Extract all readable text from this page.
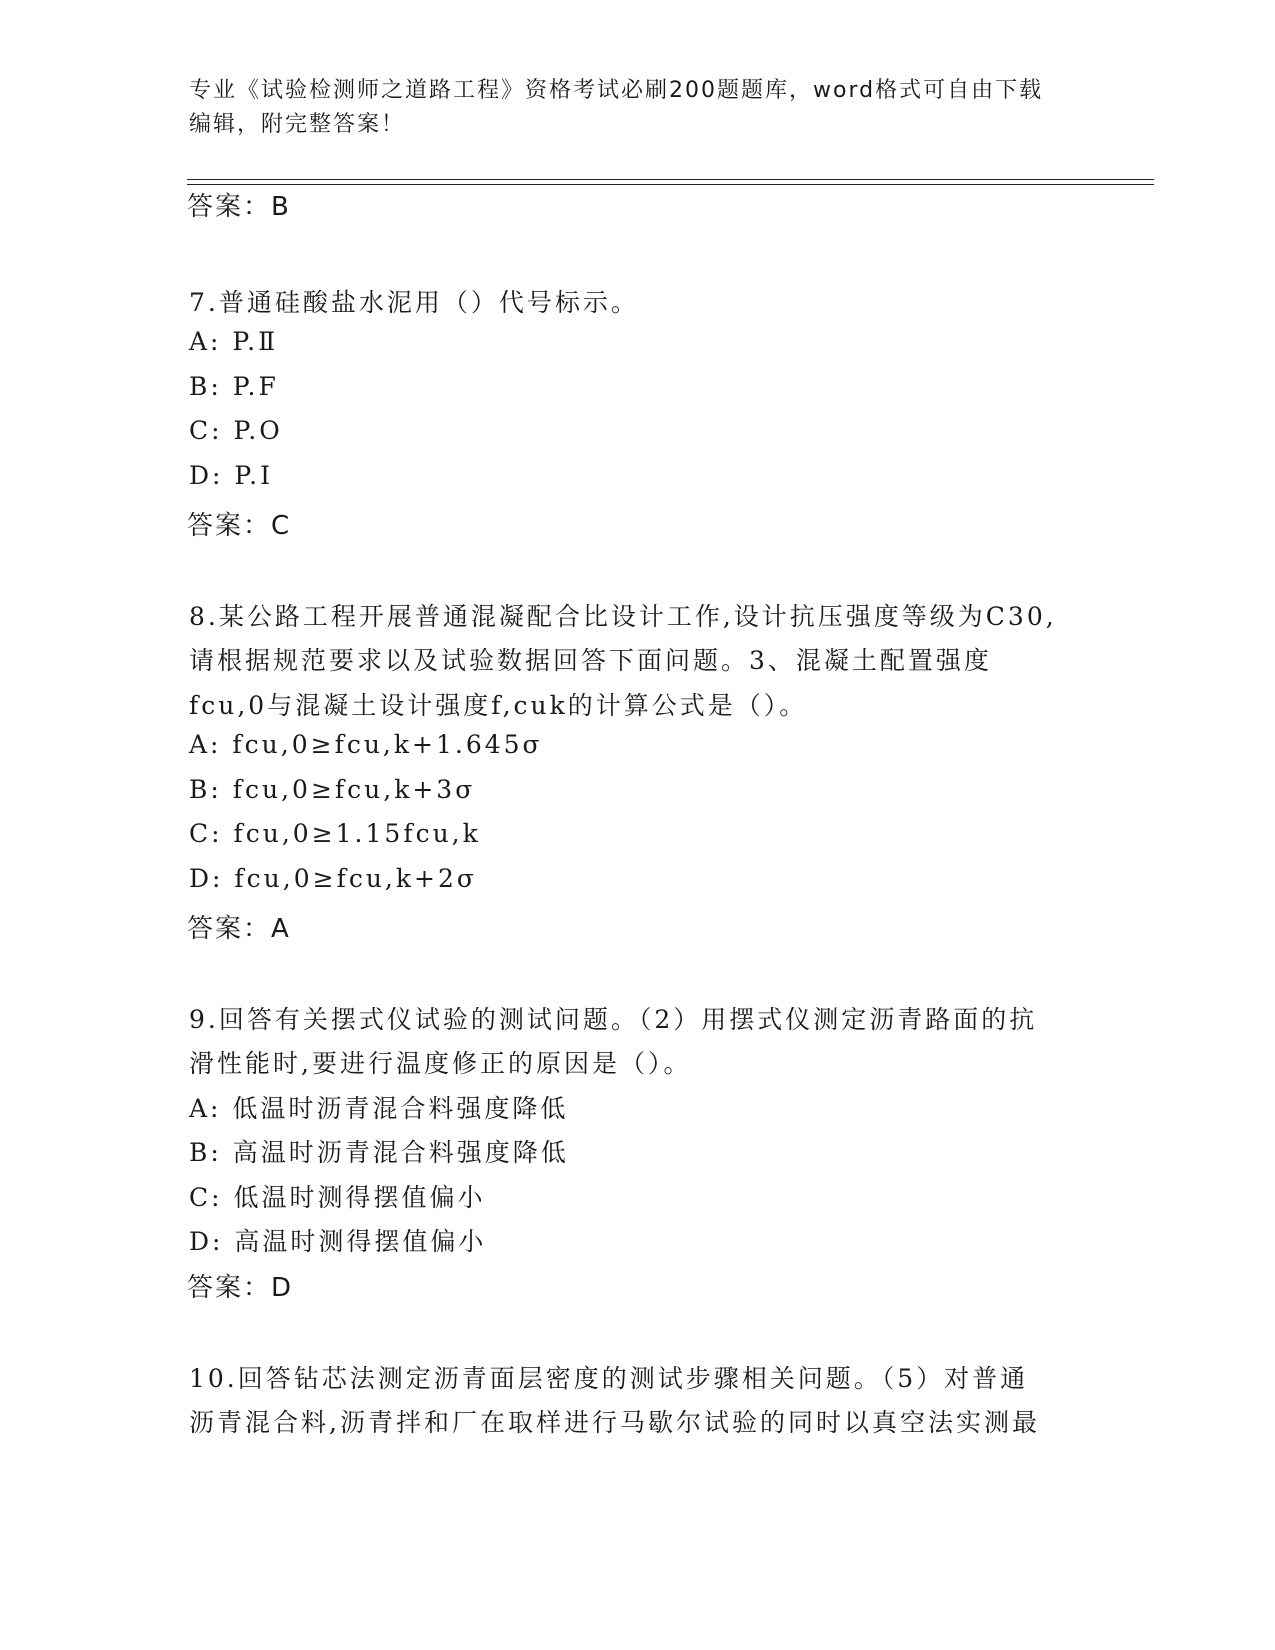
专业《试验检测师之道路工程》资格考试必刷200题题库，word格式可自由下载
编辑，附完整答案！
答案：B
7.普通硅酸盐水泥用（）代号标示。
A: P.Ⅱ
B: P.F
C: P.O
D: P.Ⅰ
答案：C
8.某公路工程开展普通混凝配合比设计工作,设计抗压强度等级为C30,
请根据规范要求以及试验数据回答下面问题。3、混凝土配置强度
fcu,0与混凝土设计强度f,cuk的计算公式是（）。
A: fcu,0≥fcu,k+1.645σ
B: fcu,0≥fcu,k+3σ
C: fcu,0≥1.15fcu,k
D: fcu,0≥fcu,k+2σ
答案：A
9.回答有关摆式仪试验的测试问题。（2）用摆式仪测定沥青路面的抗
滑性能时,要进行温度修正的原因是（）。
A: 低温时沥青混合料强度降低
B: 高温时沥青混合料强度降低
C: 低温时测得摆值偏小
D: 高温时测得摆值偏小
答案：D
10.回答钻芯法测定沥青面层密度的测试步骤相关问题。（5）对普通
沥青混合料,沥青拌和厂在取样进行马歇尔试验的同时以真空法实测最
